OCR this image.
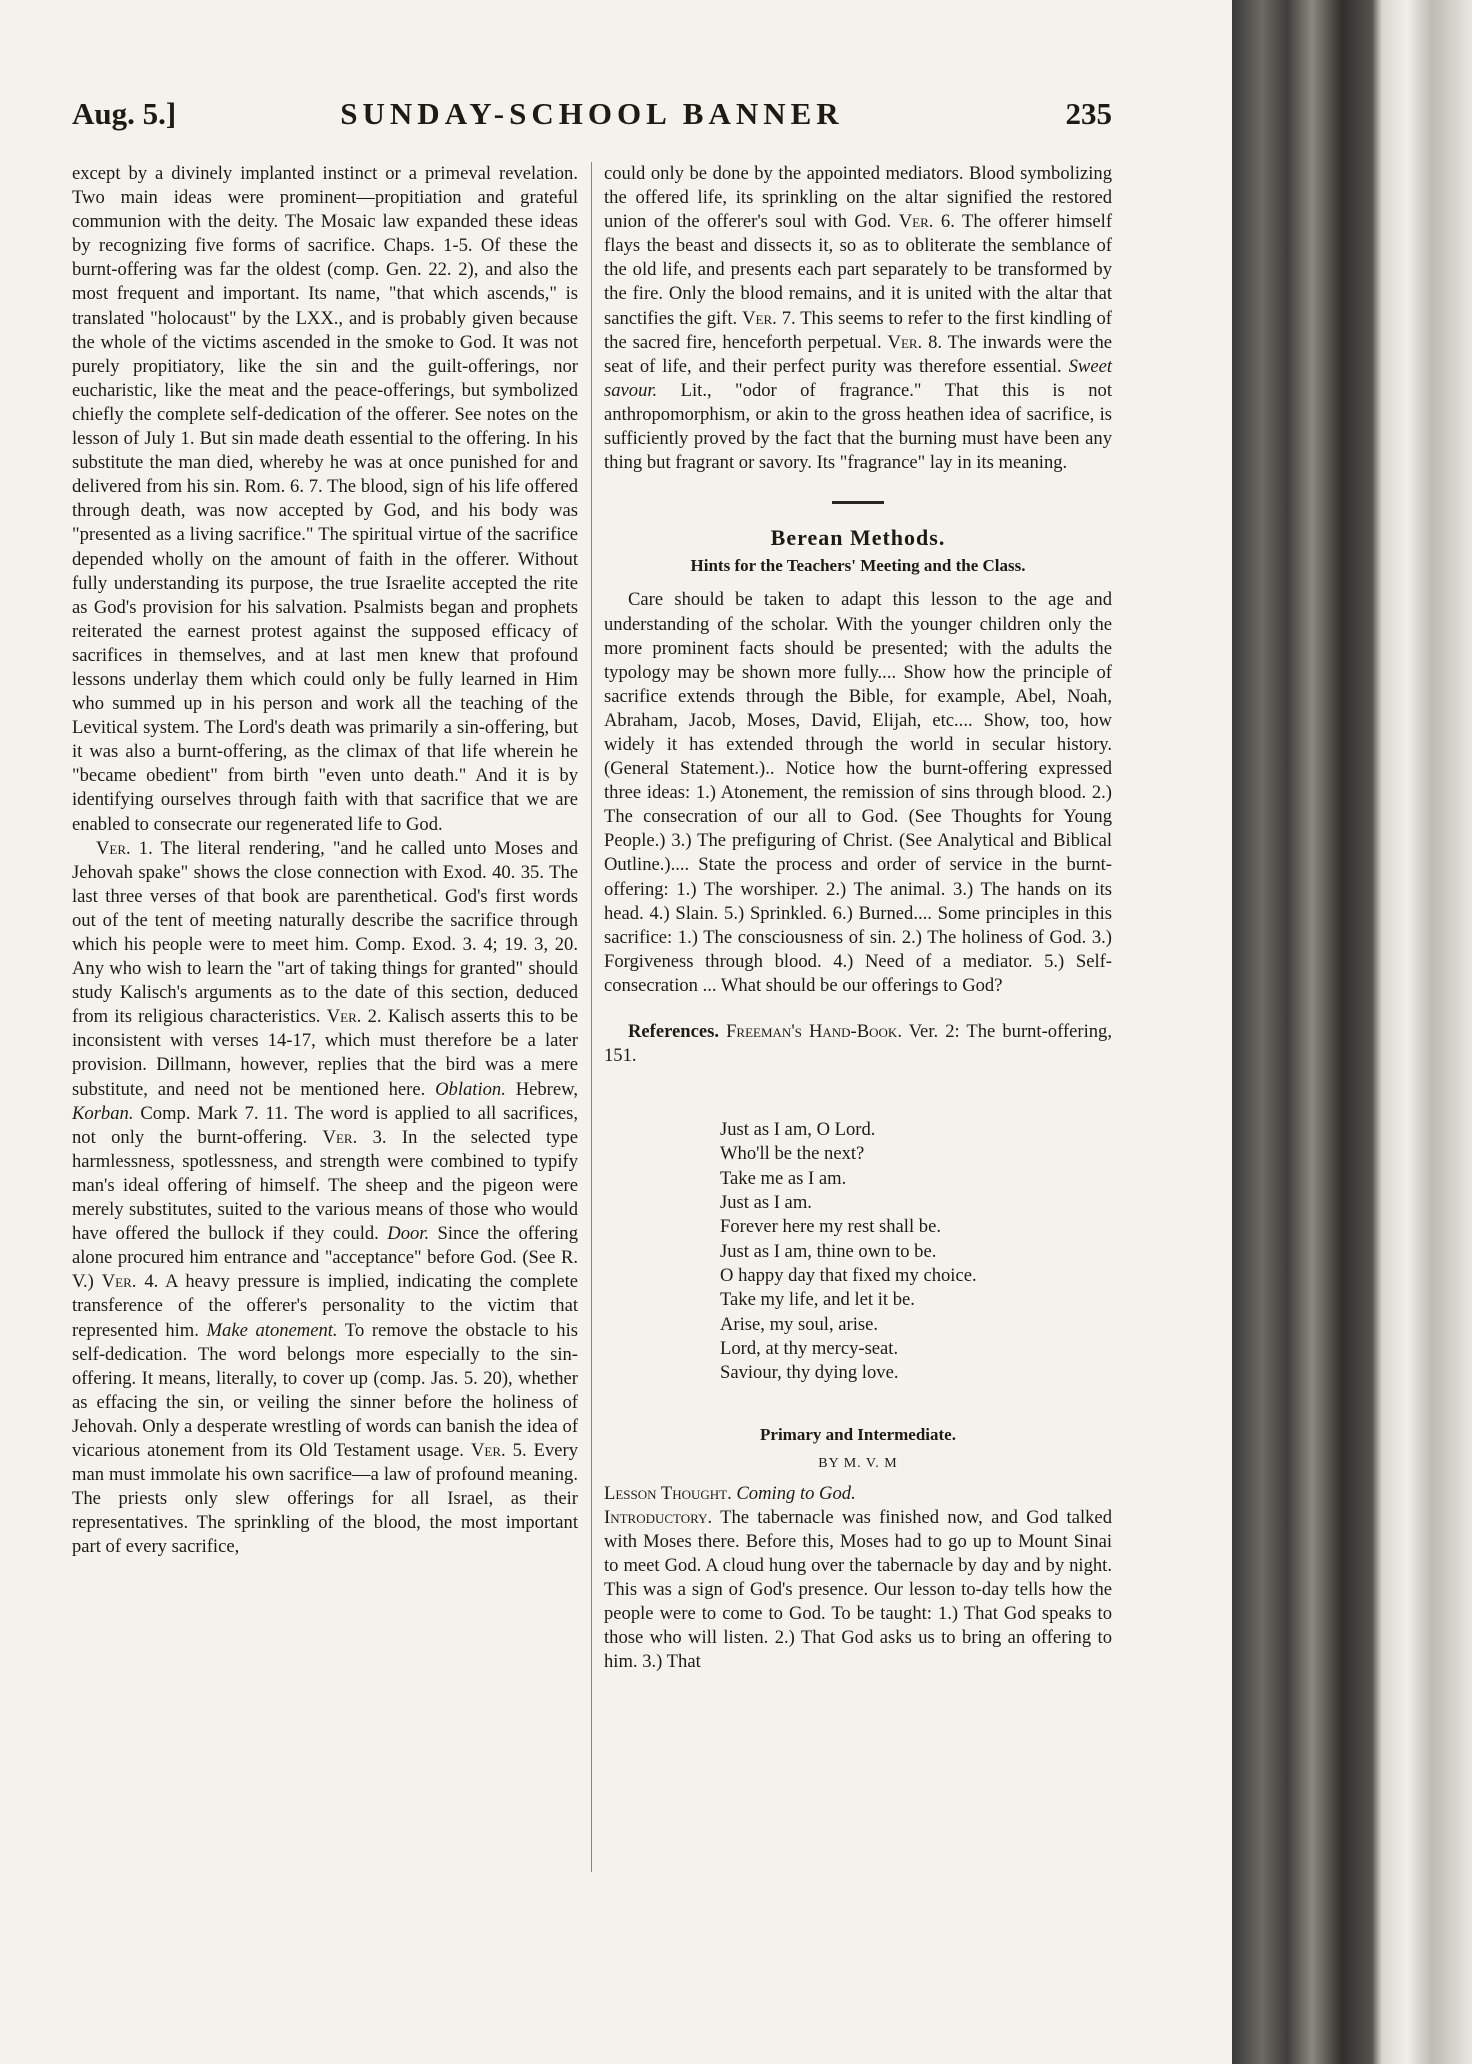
Aug. 5.]	SUNDAY-SCHOOL BANNER	235

except by a divinely implanted instinct or a primeval revelation. Two main ideas were prominent—propitiation and grateful communion with the deity. The Mosaic law expanded these ideas by recognizing five forms of sacrifice. Chaps. 1-5. Of these the burnt-offering was far the oldest (comp. Gen. 22. 2), and also the most frequent and important. Its name, "that which ascends," is translated "holocaust" by the LXX., and is probably given because the whole of the victims ascended in the smoke to God. It was not purely propitiatory, like the sin and the guilt-offerings, nor eucharistic, like the meat and the peace-offerings, but symbolized chiefly the complete self-dedication of the offerer. See notes on the lesson of July 1. But sin made death essential to the offering. In his substitute the man died, whereby he was at once punished for and delivered from his sin. Rom. 6. 7. The blood, sign of his life offered through death, was now accepted by God, and his body was "presented as a living sacrifice." The spiritual virtue of the sacrifice depended wholly on the amount of faith in the offerer. Without fully understanding its purpose, the true Israelite accepted the rite as God's provision for his salvation. Psalmists began and prophets reiterated the earnest protest against the supposed efficacy of sacrifices in themselves, and at last men knew that profound lessons underlay them which could only be fully learned in Him who summed up in his person and work all the teaching of the Levitical system. The Lord's death was primarily a sin-offering, but it was also a burnt-offering, as the climax of that life wherein he "became obedient" from birth "even unto death." And it is by identifying ourselves through faith with that sacrifice that we are enabled to consecrate our regenerated life to God.

Ver. 1. The literal rendering, "and he called unto Moses and Jehovah spake" shows the close connection with Exod. 40. 35. The last three verses of that book are parenthetical. God's first words out of the tent of meeting naturally describe the sacrifice through which his people were to meet him. Comp. Exod. 3. 4; 19. 3, 20. Any who wish to learn the "art of taking things for granted" should study Kalisch's arguments as to the date of this section, deduced from its religious characteristics. Ver. 2. Kalisch asserts this to be inconsistent with verses 14-17, which must therefore be a later provision. Dillmann, however, replies that the bird was a mere substitute, and need not be mentioned here. Oblation. Hebrew, Korban. Comp. Mark 7. 11. The word is applied to all sacrifices, not only the burnt-offering. Ver. 3. In the selected type harmlessness, spotlessness, and strength were combined to typify man's ideal offering of himself. The sheep and the pigeon were merely substitutes, suited to the various means of those who would have offered the bullock if they could. Door. Since the offering alone procured him entrance and "acceptance" before God. (See R. V.) Ver. 4. A heavy pressure is implied, indicating the complete transference of the offerer's personality to the victim that represented him. Make atonement. To remove the obstacle to his self-dedication. The word belongs more especially to the sin-offering. It means, literally, to cover up (comp. Jas. 5. 20), whether as effacing the sin, or veiling the sinner before the holiness of Jehovah. Only a desperate wrestling of words can banish the idea of vicarious atonement from its Old Testament usage. Ver. 5. Every man must immolate his own sacrifice—a law of profound meaning. The priests only slew offerings for all Israel, as their representatives. The sprinkling of the blood, the most important part of every sacrifice,

could only be done by the appointed mediators. Blood symbolizing the offered life, its sprinkling on the altar signified the restored union of the offerer's soul with God. Ver. 6. The offerer himself flays the beast and dissects it, so as to obliterate the semblance of the old life, and presents each part separately to be transformed by the fire. Only the blood remains, and it is united with the altar that sanctifies the gift. Ver. 7. This seems to refer to the first kindling of the sacred fire, henceforth perpetual. Ver. 8. The inwards were the seat of life, and their perfect purity was therefore essential. Sweet savour. Lit., "odor of fragrance." That this is not anthropomorphism, or akin to the gross heathen idea of sacrifice, is sufficiently proved by the fact that the burning must have been any thing but fragrant or savory. Its "fragrance" lay in its meaning.

Berean Methods.
Hints for the Teachers' Meeting and the Class.

Care should be taken to adapt this lesson to the age and understanding of the scholar. With the younger children only the more prominent facts should be presented; with the adults the typology may be shown more fully.... Show how the principle of sacrifice extends through the Bible, for example, Abel, Noah, Abraham, Jacob, Moses, David, Elijah, etc.... Show, too, how widely it has extended through the world in secular history. (General Statement.).. Notice how the burnt-offering expressed three ideas: 1.) Atonement, the remission of sins through blood. 2.) The consecration of our all to God. (See Thoughts for Young People.) 3.) The prefiguring of Christ. (See Analytical and Biblical Outline.).... State the process and order of service in the burnt-offering: 1.) The worshiper. 2.) The animal. 3.) The hands on its head. 4.) Slain. 5.) Sprinkled. 6.) Burned.... Some principles in this sacrifice: 1.) The consciousness of sin. 2.) The holiness of God. 3.) Forgiveness through blood. 4.) Need of a mediator. 5.) Self-consecration ... What should be our offerings to God?

References. Freeman's Hand-Book. Ver. 2: The burnt-offering, 151.

Just as I am, O Lord.
Who'll be the next?
Take me as I am.
Just as I am.
Forever here my rest shall be.
Just as I am, thine own to be.
O happy day that fixed my choice.
Take my life, and let it be.
Arise, my soul, arise.
Lord, at thy mercy-seat.
Saviour, thy dying love.
Primary and Intermediate.
BY M. V. M

Lesson Thought. Coming to God.

Introductory. The tabernacle was finished now, and God talked with Moses there. Before this, Moses had to go up to Mount Sinai to meet God. A cloud hung over the tabernacle by day and by night. This was a sign of God's presence. Our lesson to-day tells how the people were to come to God. To be taught: 1.) That God speaks to those who will listen. 2.) That God asks us to bring an offering to him. 3.) That
